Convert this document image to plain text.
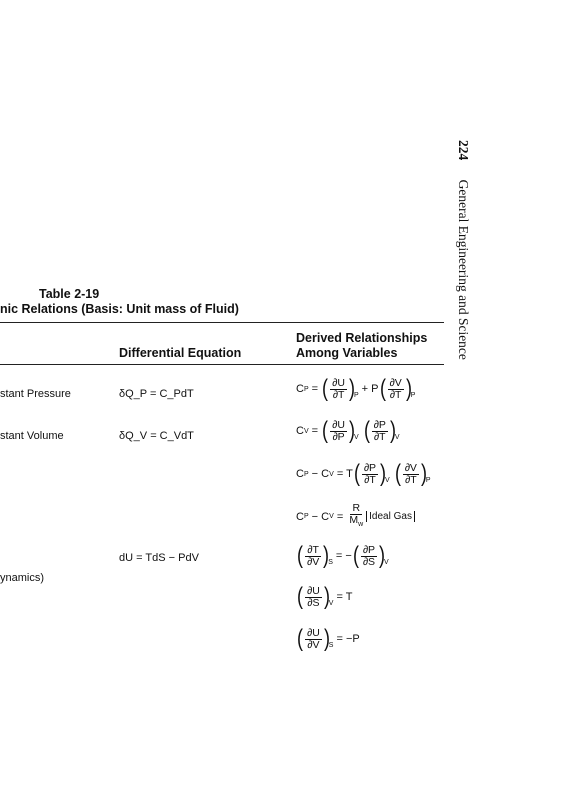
224 General Engineering and Science
Table 2-19
nic Relations (Basis: Unit mass of Fluid)
Differential Equation
Derived Relationships
Among Variables
stant Pressure	δQ_P = C_PdT
stant Volume	δQ_V = C_VdT
ynamics)
dU = TdS − PdV
C P = ( $\frac{\partial U}{\partial T}$ ) P
+ P ( $\frac{\partial V}{\partial T}$ ) P
C V = ( $\frac{\partial U}{\partial P}$ ) V ( $\frac{\partial P}{\partial T}$ ) V
C P − C V = T ( $\frac{\partial P}{\partial T}$ ) V ( $\frac{\partial V}{\partial T}$ ) P
C P − C $V = \frac{R}{M_w}$ Ideal Gas
( $\frac{\partial T}{\partial V}$ ) S
= − ( $\frac{\partial P}{\partial S}$ ) V
( $\frac{\partial U}{\partial S}$ ) V
= T
( $\frac{\partial U}{\partial V}$ ) S
= −P
